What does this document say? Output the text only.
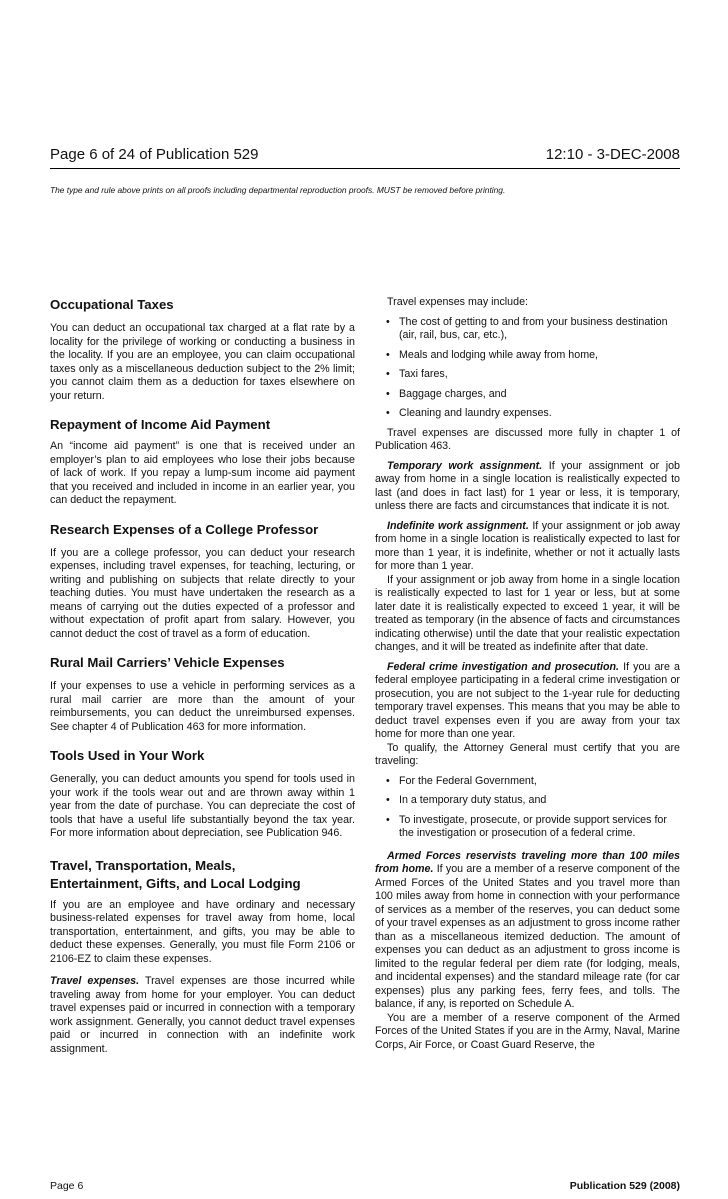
Page 6 of 24 of Publication 529	12:10 - 3-DEC-2008
The type and rule above prints on all proofs including departmental reproduction proofs. MUST be removed before printing.

Occupational Taxes

You can deduct an occupational tax charged at a flat rate by a locality for the privilege of working or conducting a business in the locality. If you are an employee, you can claim occupational taxes only as a miscellaneous deduction subject to the 2% limit; you cannot claim them as a deduction for taxes elsewhere on your return.

Repayment of Income Aid Payment

An “income aid payment” is one that is received under an employer’s plan to aid employees who lose their jobs because of lack of work. If you repay a lump-sum income aid payment that you received and included in income in an earlier year, you can deduct the repayment.

Research Expenses of a College Professor

If you are a college professor, you can deduct your research expenses, including travel expenses, for teaching, lecturing, or writing and publishing on subjects that relate directly to your teaching duties. You must have undertaken the research as a means of carrying out the duties expected of a professor and without expectation of profit apart from salary. However, you cannot deduct the cost of travel as a form of education.

Rural Mail Carriers’ Vehicle Expenses

If your expenses to use a vehicle in performing services as a rural mail carrier are more than the amount of your reimbursements, you can deduct the unreimbursed expenses. See chapter 4 of Publication 463 for more information.

Tools Used in Your Work

Generally, you can deduct amounts you spend for tools used in your work if the tools wear out and are thrown away within 1 year from the date of purchase. You can depreciate the cost of tools that have a useful life substantially beyond the tax year. For more information about depreciation, see Publication 946.

Travel, Transportation, Meals,

Entertainment, Gifts, and Local Lodging

If you are an employee and have ordinary and necessary business-related expenses for travel away from home, local transportation, entertainment, and gifts, you may be able to deduct these expenses. Generally, you must file Form 2106 or 2106-EZ to claim these expenses.

Travel expenses. Travel expenses are those incurred while traveling away from home for your employer. You can deduct travel expenses paid or incurred in connection with a temporary work assignment. Generally, you cannot deduct travel expenses paid or incurred in connection with an indefinite work assignment.

Travel expenses may include:

• The cost of getting to and from your business destination (air, rail, bus, car, etc.),

• Meals and lodging while away from home,

• Taxi fares,

• Baggage charges, and

• Cleaning and laundry expenses.

Travel expenses are discussed more fully in chapter 1 of Publication 463.

Temporary work assignment. If your assignment or job away from home in a single location is realistically expected to last (and does in fact last) for 1 year or less, it is temporary, unless there are facts and circumstances that indicate it is not.

Indefinite work assignment. If your assignment or job away from home in a single location is realistically expected to last for more than 1 year, it is indefinite, whether or not it actually lasts for more than 1 year.

If your assignment or job away from home in a single location is realistically expected to last for 1 year or less, but at some later date it is realistically expected to exceed 1 year, it will be treated as temporary (in the absence of facts and circumstances indicating otherwise) until the date that your realistic expectation changes, and it will be treated as indefinite after that date.

Federal crime investigation and prosecution. If you are a federal employee participating in a federal crime investigation or prosecution, you are not subject to the 1-year rule for deducting temporary travel expenses. This means that you may be able to deduct travel expenses even if you are away from your tax home for more than one year.

To qualify, the Attorney General must certify that you are traveling:

• For the Federal Government,

• In a temporary duty status, and

• To investigate, prosecute, or provide support services for the investigation or prosecution of a federal crime.

Armed Forces reservists traveling more than 100 miles from home. If you are a member of a reserve component of the Armed Forces of the United States and you travel more than 100 miles away from home in connection with your performance of services as a member of the reserves, you can deduct some of your travel expenses as an adjustment to gross income rather than as a miscellaneous itemized deduction. The amount of expenses you can deduct as an adjustment to gross income is limited to the regular federal per diem rate (for lodging, meals, and incidental expenses) and the standard mileage rate (for car expenses) plus any parking fees, ferry fees, and tolls. The balance, if any, is reported on Schedule A.

You are a member of a reserve component of the Armed Forces of the United States if you are in the Army, Naval, Marine Corps, Air Force, or Coast Guard Reserve, the

Page 6	Publication 529 (2008)
